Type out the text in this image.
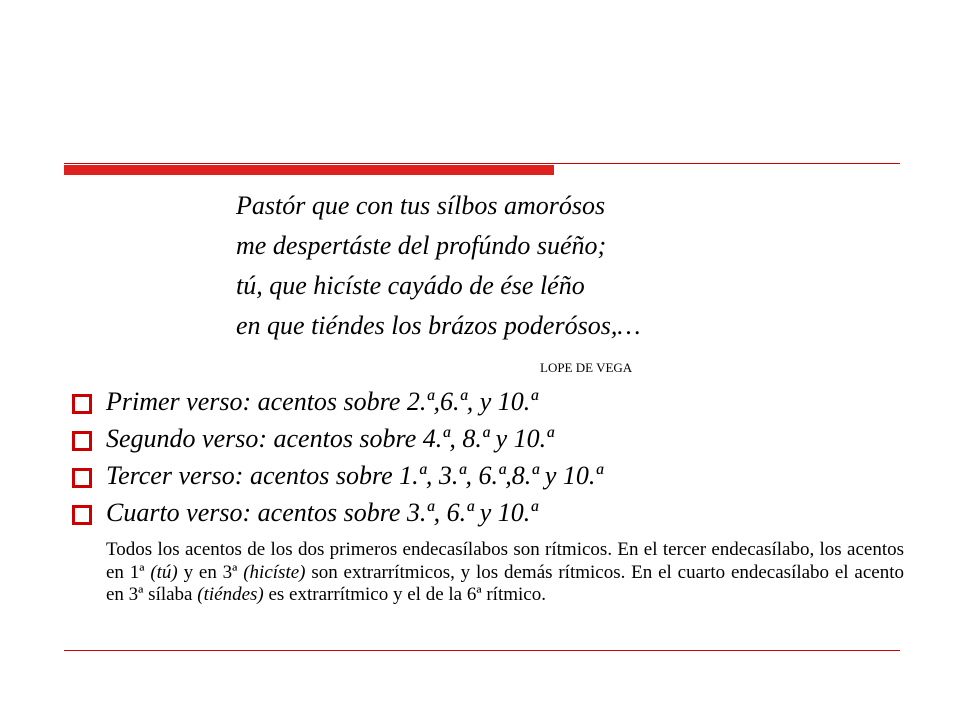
Pastór que con tus sílbos amorósos
me despertáste del profúndo suéño;
tú, que hicíste cayádo de ése léño
en que tiéndes los brázos poderósos,…
LOPE DE VEGA
Primer verso: acentos sobre 2.ª,6.ª, y 10.ª
Segundo verso: acentos sobre 4.ª, 8.ª y 10.ª
Tercer verso: acentos sobre 1.ª, 3.ª, 6.ª,8.ª y 10.ª
Cuarto verso: acentos sobre 3.ª, 6.ª y 10.ª
Todos los acentos de los dos primeros endecasílabos son rítmicos. En el tercer endecasílabo, los acentos en 1ª (tú) y en 3ª (hicíste) son extrarrítmicos, y los demás rítmicos. En el cuarto endecasílabo el acento en 3ª sílaba (tiéndes) es extrarrítmico y el de la 6ª rítmico.
